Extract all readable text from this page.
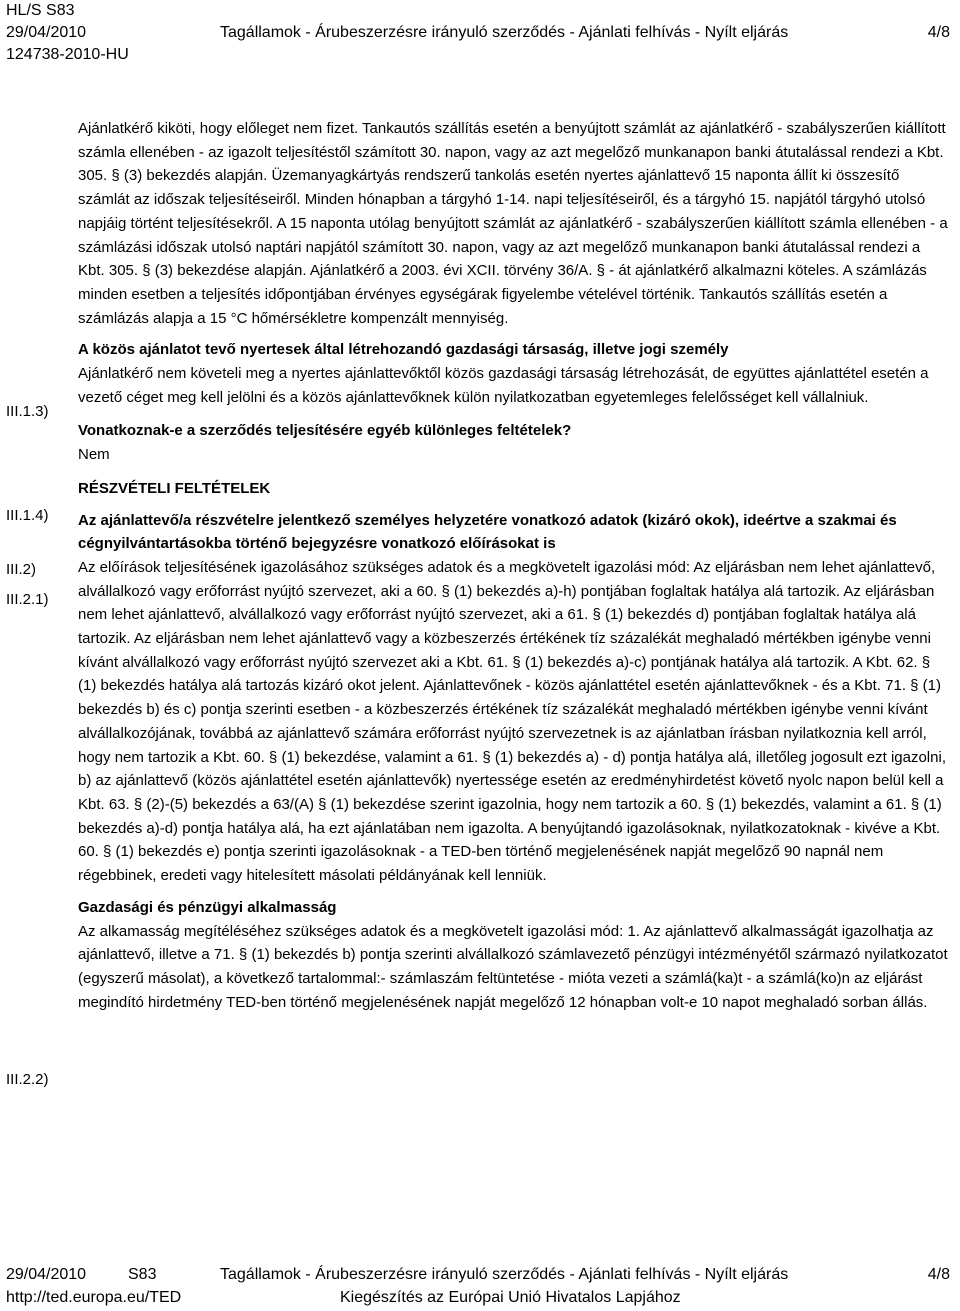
HL/S S83
29/04/2010
124738-2010-HU
Tagállamok - Árubeszerzésre irányuló szerződés - Ajánlati felhívás - Nyílt eljárás	4/8
III.1.3)
III.1.4)
III.2)
III.2.1)
III.2.2)

Ajánlatkérő kiköti, hogy előleget nem fizet. Tankautós szállítás esetén a benyújtott számlát az ajánlatkérő - szabályszerűen kiállított számla ellenében - az igazolt teljesítéstől számított 30. napon, vagy az azt megelőző munkanapon banki átutalással rendezi a Kbt. 305. § (3) bekezdés alapján. Üzemanyagkártyás rendszerű tankolás esetén nyertes ajánlattevő 15 naponta állít ki összesítő számlát az időszak teljesítéseiről. Minden hónapban a tárgyhó 1-14. napi teljesítéseiről, és a tárgyhó 15. napjától tárgyhó utolsó napjáig történt teljesítésekről. A 15 naponta utólag benyújtott számlát az ajánlatkérő - szabályszerűen kiállított számla ellenében - a számlázási időszak utolsó naptári napjától számított 30. napon, vagy az azt megelőző munkanapon banki átutalással rendezi a Kbt. 305. § (3) bekezdése alapján. Ajánlatkérő a 2003. évi XCII. törvény 36/A. § - át ajánlatkérő alkalmazni köteles. A számlázás minden esetben a teljesítés időpontjában érvényes egységárak figyelembe vételével történik. Tankautós szállítás esetén a számlázás alapja a 15 °C hőmérsékletre kompenzált mennyiség.

A közös ajánlatot tevő nyertesek által létrehozandó gazdasági társaság, illetve jogi személy

Ajánlatkérő nem követeli meg a nyertes ajánlattevőktől közös gazdasági társaság létrehozását, de együttes ajánlattétel esetén a vezető céget meg kell jelölni és a közös ajánlattevőknek külön nyilatkozatban egyetemleges felelősséget kell vállalniuk.

Vonatkoznak-e a szerződés teljesítésére egyéb különleges feltételek?

Nem

RÉSZVÉTELI FELTÉTELEK

Az ajánlattevő/a részvételre jelentkező személyes helyzetére vonatkozó adatok (kizáró okok), ideértve a szakmai és cégnyilvántartásokba történő bejegyzésre vonatkozó előírásokat is

Az előírások teljesítésének igazolásához szükséges adatok és a megkövetelt igazolási mód: Az eljárásban nem lehet ajánlattevő, alvállalkozó vagy erőforrást nyújtó szervezet, aki a 60. § (1) bekezdés a)-h) pontjában foglaltak hatálya alá tartozik. Az eljárásban nem lehet ajánlattevő, alvállalkozó vagy erőforrást nyújtó szervezet, aki a 61. § (1) bekezdés d) pontjában foglaltak hatálya alá tartozik. Az eljárásban nem lehet ajánlattevő vagy a közbeszerzés értékének tíz százalékát meghaladó mértékben igénybe venni kívánt alvállalkozó vagy erőforrást nyújtó szervezet aki a Kbt. 61. § (1) bekezdés a)-c) pontjának hatálya alá tartozik. A Kbt. 62. § (1) bekezdés hatálya alá tartozás kizáró okot jelent. Ajánlattevőnek - közös ajánlattétel esetén ajánlattevőknek - és a Kbt. 71. § (1) bekezdés b) és c) pontja szerinti esetben - a közbeszerzés értékének tíz százalékát meghaladó mértékben igénybe venni kívánt alvállalkozójának, továbbá az ajánlattevő számára erőforrást nyújtó szervezetnek is az ajánlatban írásban nyilatkoznia kell arról, hogy nem tartozik a Kbt. 60. § (1) bekezdése, valamint a 61. § (1) bekezdés a) - d) pontja hatálya alá, illetőleg jogosult ezt igazolni, b) az ajánlattevő (közös ajánlattétel esetén ajánlattevők) nyertessége esetén az eredményhirdetést követő nyolc napon belül kell a Kbt. 63. § (2)-(5) bekezdés a 63/(A) § (1) bekezdése szerint igazolnia, hogy nem tartozik a 60. § (1) bekezdés, valamint a 61. § (1) bekezdés a)-d) pontja hatálya alá, ha ezt ajánlatában nem igazolta. A benyújtandó igazolásoknak, nyilatkozatoknak - kivéve a Kbt. 60. § (1) bekezdés e) pontja szerinti igazolásoknak - a TED-ben történő megjelenésének napját megelőző 90 napnál nem régebbinek, eredeti vagy hitelesített másolati példányának kell lenniük.

Gazdasági és pénzügyi alkalmasság

Az alkamasság megítéléséhez szükséges adatok és a megkövetelt igazolási mód: 1. Az ajánlattevő alkalmasságát igazolhatja az ajánlattevő, illetve a 71. § (1) bekezdés b) pontja szerinti alvállalkozó számlavezető pénzügyi intézményétől származó nyilatkozatot (egyszerű másolat), a következő tartalommal:- számlaszám feltüntetése - mióta vezeti a számlá(ka)t - a számlá(ko)n az eljárást megindító hirdetmény TED-ben történő megjelenésének napját megelőző 12 hónapban volt-e 10 napot meghaladó sorban állás.

29/04/2010	S83	Tagállamok - Árubeszerzésre irányuló szerződés - Ajánlati felhívás - Nyílt eljárás	4/8
http://ted.europa.eu/TED	Kiegészítés az Európai Unió Hivatalos Lapjához
